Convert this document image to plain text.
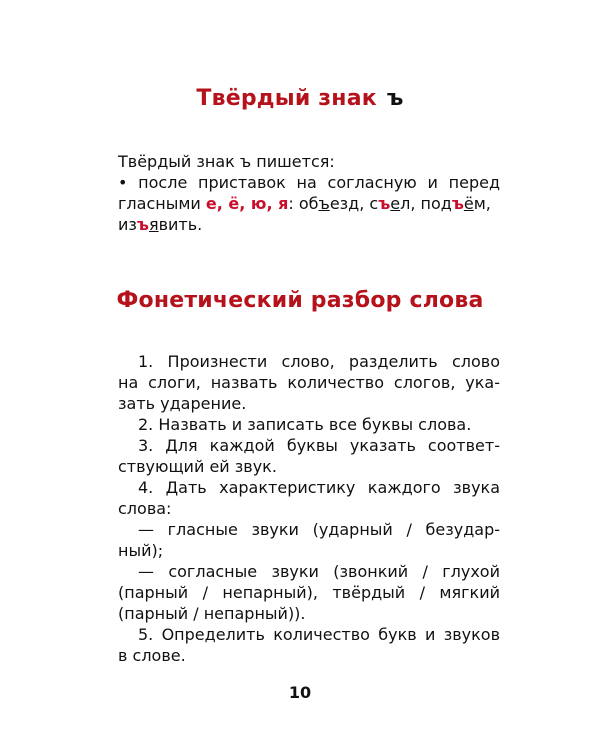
Твёрдый знак ъ
Твёрдый знак ъ пишется:
• после приставок на согласную и перед
гласными е, ё, ю, я: объезд, съел, подъём,
изъявить.
Фонетический разбор слова
1. Произнести слово, разделить слово
на слоги, назвать количество слогов, ука-
зать ударение.
2. Назвать и записать все буквы слова.
3. Для каждой буквы указать соответ-
ствующий ей звук.
4. Дать характеристику каждого звука
слова:
— гласные звуки (ударный / безудар-
ный);
— согласные звуки (звонкий / глухой
(парный / непарный), твёрдый / мягкий
(парный / непарный)).
5. Определить количество букв и звуков
в слове.
10
